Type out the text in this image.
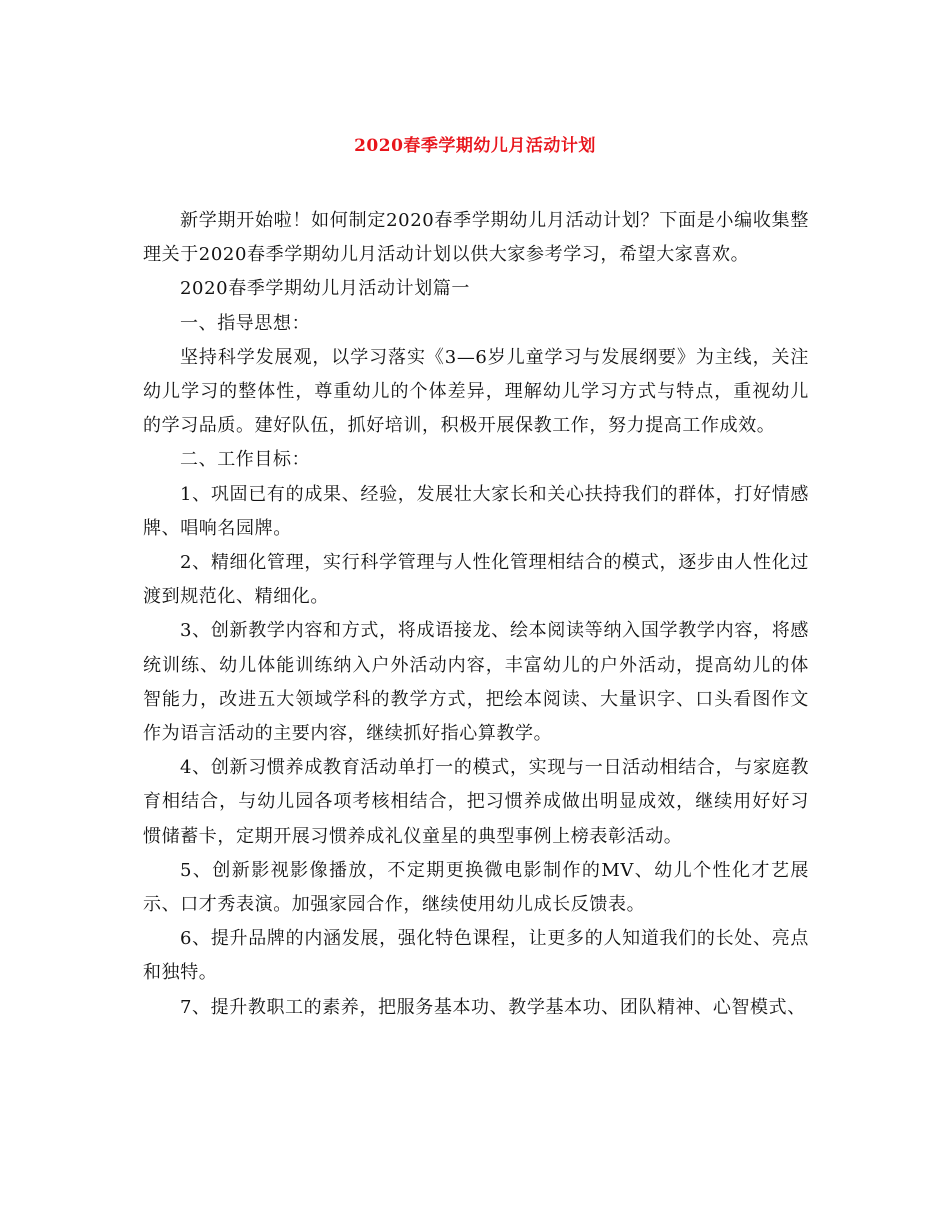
2020春季学期幼儿月活动计划

新学期开始啦！如何制定2020春季学期幼儿月活动计划？下面是小编收集整理关于2020春季学期幼儿月活动计划以供大家参考学习，希望大家喜欢。

2020春季学期幼儿月活动计划篇一

一、指导思想：

坚持科学发展观，以学习落实《3—6岁儿童学习与发展纲要》为主线，关注幼儿学习的整体性，尊重幼儿的个体差异，理解幼儿学习方式与特点，重视幼儿的学习品质。建好队伍，抓好培训，积极开展保教工作，努力提高工作成效。

二、工作目标：

1、巩固已有的成果、经验，发展壮大家长和关心扶持我们的群体，打好情感牌、唱响名园牌。

2、精细化管理，实行科学管理与人性化管理相结合的模式，逐步由人性化过渡到规范化、精细化。

3、创新教学内容和方式，将成语接龙、绘本阅读等纳入国学教学内容，将感统训练、幼儿体能训练纳入户外活动内容，丰富幼儿的户外活动，提高幼儿的体智能力，改进五大领域学科的教学方式，把绘本阅读、大量识字、口头看图作文作为语言活动的主要内容，继续抓好指心算教学。

4、创新习惯养成教育活动单打一的模式，实现与一日活动相结合，与家庭教育相结合，与幼儿园各项考核相结合，把习惯养成做出明显成效，继续用好好习惯储蓄卡，定期开展习惯养成礼仪童星的典型事例上榜表彰活动。

5、创新影视影像播放，不定期更换微电影制作的MV、幼儿个性化才艺展示、口才秀表演。加强家园合作，继续使用幼儿成长反馈表。

6、提升品牌的内涵发展，强化特色课程，让更多的人知道我们的长处、亮点和独特。

7、提升教职工的素养，把服务基本功、教学基本功、团队精神、心智模式、
